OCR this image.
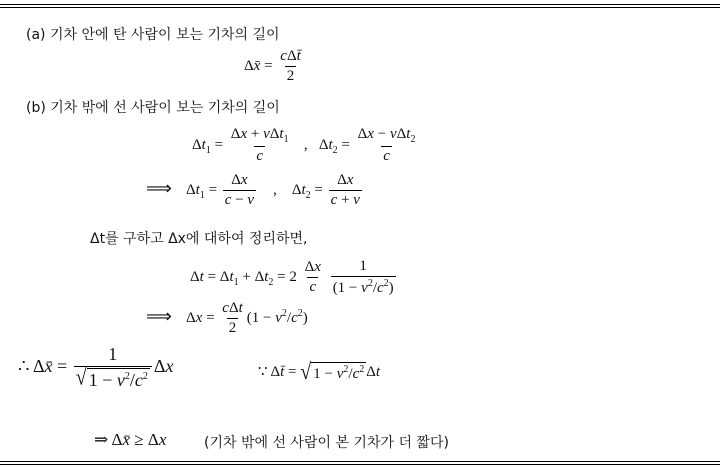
(a) 기차 안에 탄 사람이 보는 기차의 길이
Δx̄ = $\frac{\text{cΔt̄}}{2}$
(b) 기차 밖에 선 사람이 보는 기차의 길이
$\Delta t_1 = \frac{\Delta x + v\Delta t_1}{c}$ ,   $\Delta t_2 = \frac{\Delta x - v\Delta t_2}{c}$
⟹    $\Delta t_1 = \frac{\Delta x}{c - v}$ ,    $\Delta t_2 = \frac{\Delta x}{c + v}$
Δt를 구하고 Δx에 대하여 정리하면,
$\Delta t = \Delta t_1 + \Delta t_2 = 2 \frac{\Delta x}{c}$
$\frac{1}{(1 - v^2/c^2)}$
⟹    $\Delta x = \frac{\text{cΔt}}{2} (1 - v^2/c^2)$
∴ Δx̄ = $\frac{1}{√ 1 - v^2/c^2}$ Δx	∵ Δt̄ = √ $1 - v^2/c^2$ Δt
⇒ Δx̄ ≥ Δx	(기차 밖에 선 사람이 본 기차가 더 짧다)
